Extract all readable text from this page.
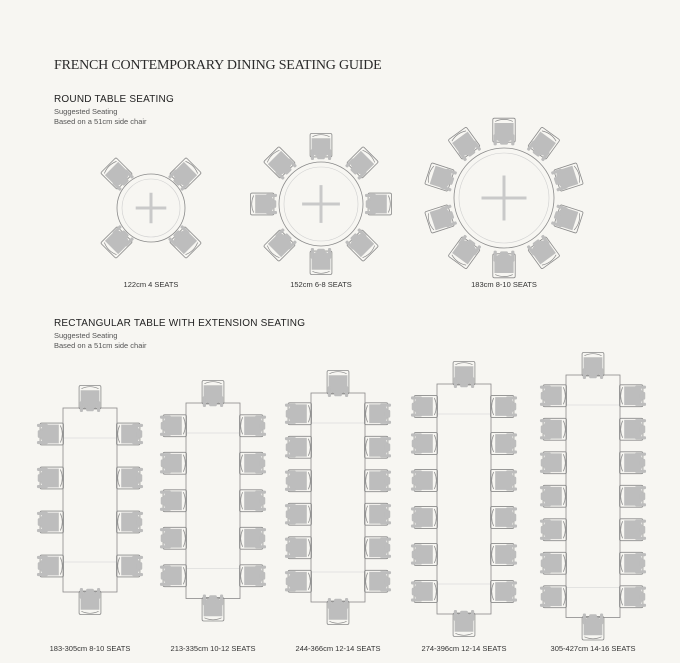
FRENCH CONTEMPORARY DINING SEATING GUIDE
ROUND TABLE SEATING
Suggested Seating
Based on a 51cm side chair
RECTANGULAR TABLE WITH EXTENSION SEATING
Suggested Seating
Based on a 51cm side chair
122cm 4 SEATS	152cm 6-8 SEATS	183cm 8-10 SEATS
183-305cm 8-10 SEATS	213-335cm 10-12 SEATS	244-366cm 12-14 SEATS	274-396cm 12-14 SEATS	305-427cm 14-16 SEATS
